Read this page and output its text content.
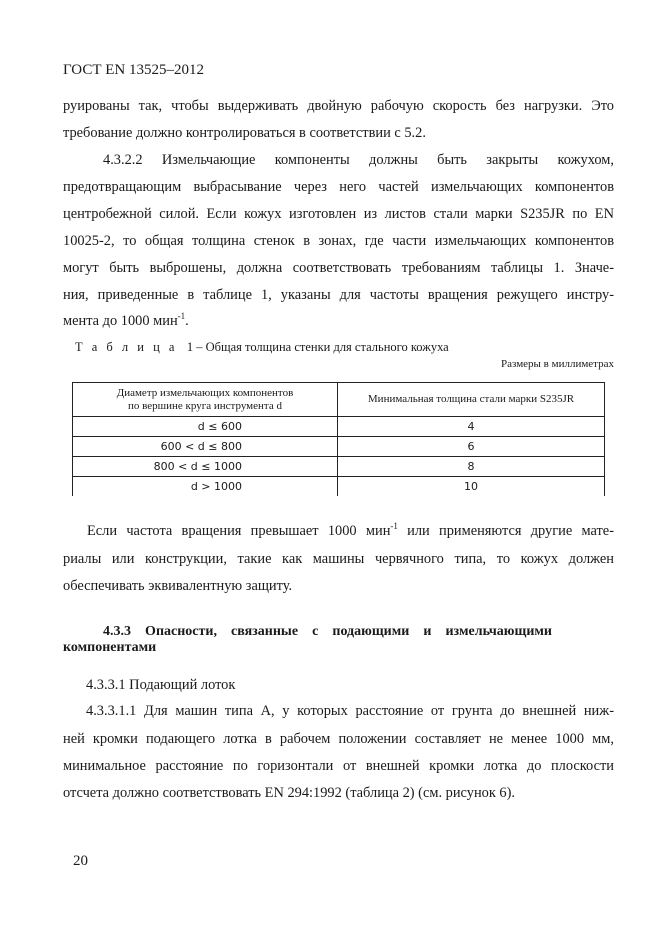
ГОСТ EN 13525–2012
руированы так, чтобы выдерживать двойную рабочую скорость без нагрузки. Это
требование должно контролироваться в соответствии с 5.2.
4.3.2.2 Измельчающие компоненты должны быть закрыты кожухом,
предотвращающим выбрасывание через него частей измельчающих компонентов
центробежной силой. Если кожух изготовлен из листов стали марки S235JR по EN
10025-2, то общая толщина стенок в зонах, где части измельчающих компонентов
могут быть выброшены, должна соответствовать требованиям таблицы 1. Значе-
ния, приведенные в таблице 1, указаны для частоты вращения режущего инстру-
мента до 1000 мин$^{-1}$.
Т а б л и ц а 1 – Общая толщина стенки для стального кожуха
Размеры в миллиметрах
Диаметр измельчающих компонентов
по вершине круга инструмента d	Минимальная толщина стали марки S235JR
d ≤ 600	4
600 < d ≤ 800	6
800 < d ≤ 1000	8
d > 1000	10
Если частота вращения превышает 1000 мин$^{-1}$ или применяются другие мате-
риалы или конструкции, такие как машины червячного типа, то кожух должен
обеспечивать эквивалентную защиту.
4.3.3 Опасности, связанные с подающими и измельчающими
компонентами
4.3.3.1 Подающий лоток
4.3.3.1.1 Для машин типа А, у которых расстояние от грунта до внешней ниж-
ней кромки подающего лотка в рабочем положении составляет не менее 1000 мм,
минимальное расстояние по горизонтали от внешней кромки лотка до плоскости
отсчета должно соответствовать EN 294:1992 (таблица 2) (см. рисунок 6).
20
